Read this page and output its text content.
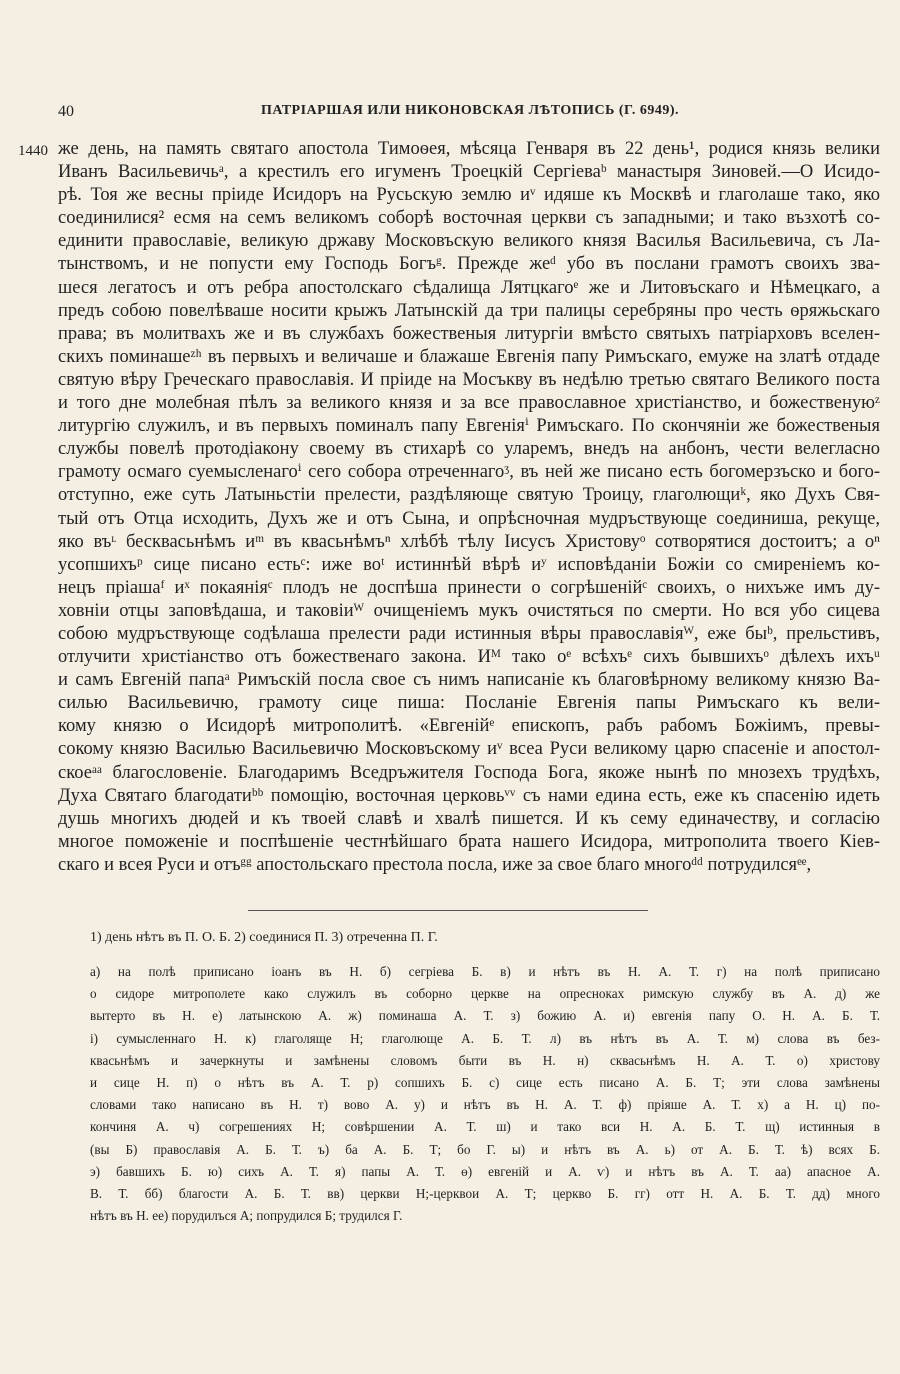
40	ПАТРІАРШАЯ ИЛИ НИКОНОВСКАЯ ЛѢТОПИСЬ (Г. 6949).
1440 же день, на память святаго апостола Тимоѳея, мѣсяца Генваря въ 22 день¹, родися князь велики
Иванъ Васильевичьᵃ, а крестилъ его игуменъ Троецкій Сергіеваᵇ манастыря Зиновей.—О Исидо-
рѣ. Тоя же весны пріиде Исидоръ на Русьскую землю иᵛ идяше къ Москвѣ и глаголаше тако, яко
соединилися² есмя на семъ великомъ соборѣ восточная церкви съ западными; и тако възхотѣ со-
единити православіе, великую државу Московъскую великого князя Василья Васильевича, съ Ла-
тынствомъ, и не попусти ему Господь Богъᵍ. Прежде жеᵈ убо въ послани грамотъ своихъ зва-
шеся легатосъ и отъ ребра апостолскаго сѣдалища Лятцкагоᵉ же и Литовъскаго и Нѣмецкаго, а
предъ собою повелѣваше носити крыжъ Латынскій да три палицы серебряны про честь ѳряжьскаго
права; въ молитвахъ же и въ службахъ божественыя литургіи вмѣсто святыхъ патріарховъ вселен-
скихъ поминашеᶻʰ въ первыхъ и величаше и блажаше Евгенія папу Римъскаго, емуже на златѣ отдаде
святую вѣру Греческаго православія. И пріиде на Мосъкву въ недѣлю третью святаго Великого поста
и того дне молебная пѣлъ за великого князя и за все православное христіанство, и божественуюᶻ
литургію служилъ, и въ первыхъ поминалъ папу Евгеніяⁱ Римъскаго. По скончяніи же божественыя
службы повелѣ протодіакону своему въ стихарѣ со уларемъ, внедъ на анбонъ, чести велегласно
грамоту осмаго суемысленагоⁱ сего собора отреченнагоᶾ, въ ней же писано есть богомерзъско и бого-
отступно, еже суть Латыньстіи прелести, раздѣляюще святую Троицу, глаголющиᵏ, яко Духъ Свя-
тый отъ Отца исходить, Духъ же и отъ Сына, и опрѣсночная мудръствующе соединиша, рекуще,
яко въᶫ бесквасьнѣмъ иᵐ въ квасьнѣмъⁿ хлѣбѣ тѣлу Іисусъ Христовуᵒ сотворятися достоитъ; а оⁿ
усопшихъᵖ сице писано естьᶜ: иже воᵗ истиннѣй вѣрѣ иʸ исповѣданіи Божіи со смиреніемъ ко-
нецъ пріашаᶠ иˣ покаяніяᶜ плодъ не доспѣша принести о согрѣшенійᶜ своихъ, о нихъже имъ ду-
ховніи отцы заповѣдаша, и таковiиᵂ очищеніемъ мукъ очистяться по смерти. Но вся убо сицева
собою мудръствующе содѣлаша прелести ради истинныя вѣры православіяᵂ, еже быᵇ, прельстивъ,
отлучити христіанство отъ божественаго закона. Иᴹ тако оᵉ всѣхъᵉ сихъ бывшихъᵒ дѣлехъ ихъᵘ
и самъ Евгеній папаᵃ Римъскій посла свое съ нимъ написаніе къ благовѣрному великому князю Ва-
силью Васильевичю, грамоту сице пиша: Посланіе Евгенія папы Римъскаго къ вели-
кому князю о Исидорѣ митрополитѣ. «Евгенійᵉ епископъ, рабъ рабомъ Божіимъ, превы-
сокому князю Василью Васильевичю Московъскому иᵛ всеа Руси великому царю спасеніе и апостол-
скоеᵃᵃ благословеніе. Благодаримъ Вседръжителя Господа Бога, якоже нынѣ по мнозехъ трудѣхъ,
Духа Святаго благодатиᵇᵇ помощію, восточная церковьᵛᵛ съ нами едина есть, еже къ спасенію идеть
душь многихъ дюдей и къ твоей славѣ и хвалѣ пишется. И къ сему единачеству, и согласію
многое поможеніе и поспѣшеніе честнѣйшаго брата нашего Исидора, митрополита твоего Кіев-
скаго и всея Руси и отъᵍᵍ апостольскаго престола посла, иже за свое благо многоᵈᵈ потрудилсяᵉᵉ,
1) день нѣтъ въ П. О. Б. 2) соединися П. 3) отреченна П. Г.
а) на полѣ приписано іоанъ въ Н. б) сегріева Б. в) и нѣтъ въ Н. А. Т. г) на полѣ приписано
о сидоре митрополете како служилъ въ соборно церкве на опресноках римскую службу въ А. д) же
вытерто въ Н. е) латынскою А. ж) поминаша А. Т. з) божию А. и) евгенія папу О. Н. А. Б. Т.
і) сумысленнаго Н. к) глаголяще Н; глаголюще А. Б. Т. л) въ нѣтъ въ А. Т. м) слова въ без-
квасьнѣмъ и зачеркнуты и замѣнены словомъ быти въ Н. н) сквасьнѣмъ Н. А. Т. о) христову
и сице Н. п) о нѣтъ въ А. Т. р) сопшихъ Б. с) сице есть писано А. Б. Т; эти слова замѣнены
словами тако написано въ Н. т) вово А. у) и нѣтъ въ Н. А. Т. ф) пріяше А. Т. х) а Н. ц) по-
кончиня А. ч) согрешениях Н; совѣршении А. Т. ш) и тако вси Н. А. Б. Т. щ) истинныя в
(вы Б) православія А. Б. Т. ъ) ба А. Б. Т; бо Г. ы) и нѣтъ въ А. ь) от А. Б. Т. ѣ) всях Б.
э) бавшихъ Б. ю) сихъ А. Т. я) папы А. Т. ѳ) евгеній и А. ѵ) и нѣтъ въ А. Т. аа) апасное А.
В. Т. бб) благости А. Б. Т. вв) церкви Н;-церквои А. Т; церкво Б. гг) отт Н. А. Б. Т. дд) много
нѣтъ въ Н. ее) порудилъся А; попрудился Б; трудился Г.
